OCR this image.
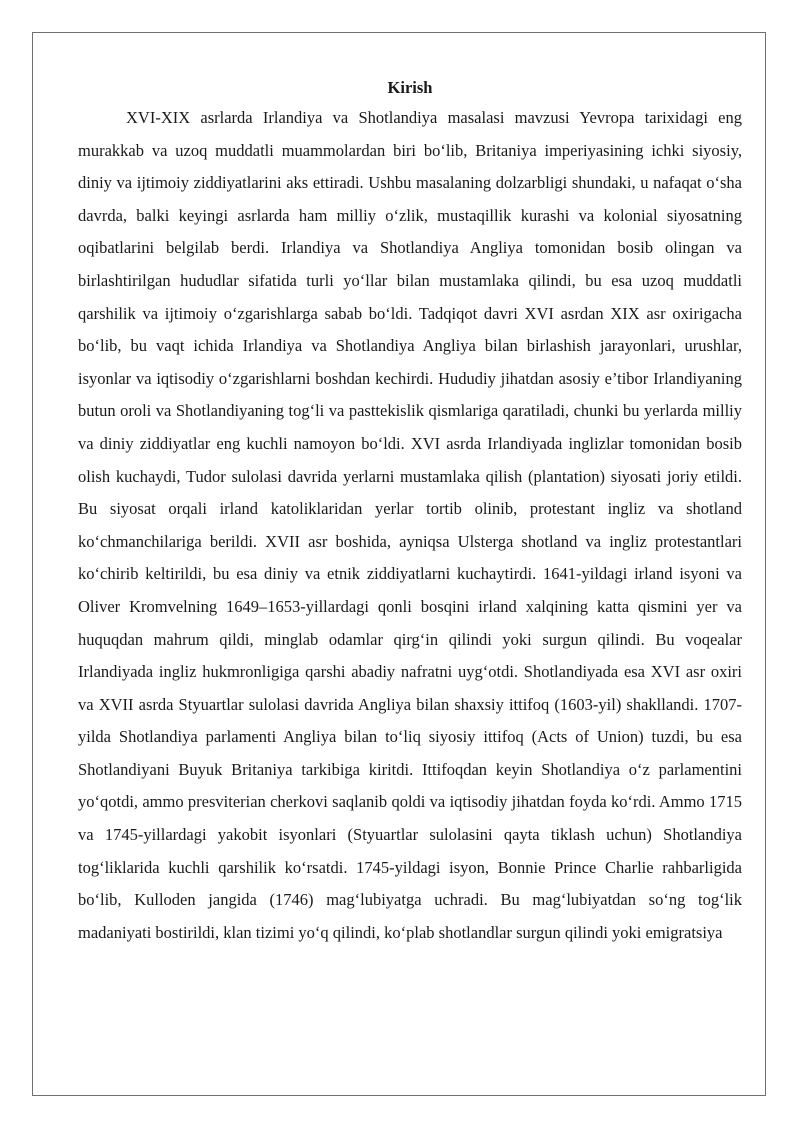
Kirish

XVI-XIX asrlarda Irlandiya va Shotlandiya masalasi mavzusi Yevropa tarixidagi eng murakkab va uzoq muddatli muammolardan biri bo‘lib, Britaniya imperiyasining ichki siyosiy, diniy va ijtimoiy ziddiyatlarini aks ettiradi. Ushbu masalaning dolzarbligi shundaki, u nafaqat o‘sha davrda, balki keyingi asrlarda ham milliy o‘zlik, mustaqillik kurashi va kolonial siyosatning oqibatlarini belgilab berdi. Irlandiya va Shotlandiya Angliya tomonidan bosib olingan va birlashtirilgan hududlar sifatida turli yo‘llar bilan mustamlaka qilindi, bu esa uzoq muddatli qarshilik va ijtimoiy o‘zgarishlarga sabab bo‘ldi. Tadqiqot davri XVI asrdan XIX asr oxirigacha bo‘lib, bu vaqt ichida Irlandiya va Shotlandiya Angliya bilan birlashish jarayonlari, urushlar, isyonlar va iqtisodiy o‘zgarishlarni boshdan kechirdi. Hududiy jihatdan asosiy e’tibor Irlandiyaning butun oroli va Shotlandiyaning tog‘li va pasttekislik qismlariga qaratiladi, chunki bu yerlarda milliy va diniy ziddiyatlar eng kuchli namoyon bo‘ldi. XVI asrda Irlandiyada inglizlar tomonidan bosib olish kuchaydi, Tudor sulolasi davrida yerlarni mustamlaka qilish (plantation) siyosati joriy etildi. Bu siyosat orqali irland katoliklaridan yerlar tortib olinib, protestant ingliz va shotland ko‘chmanchilariga berildi. XVII asr boshida, ayniqsa Ulsterga shotland va ingliz protestantlari ko‘chirib keltirildi, bu esa diniy va etnik ziddiyatlarni kuchaytirdi. 1641-yildagi irland isyoni va Oliver Kromvelning 1649–1653-yillardagi qonli bosqini irland xalqining katta qismini yer va huquqdan mahrum qildi, minglab odamlar qirg‘in qilindi yoki surgun qilindi. Bu voqealar Irlandiyada ingliz hukmronligiga qarshi abadiy nafratni uyg‘otdi. Shotlandiyada esa XVI asr oxiri va XVII asrda Styuartlar sulolasi davrida Angliya bilan shaxsiy ittifoq (1603-yil) shakllandi. 1707-yilda Shotlandiya parlamenti Angliya bilan to‘liq siyosiy ittifoq (Acts of Union) tuzdi, bu esa Shotlandiyani Buyuk Britaniya tarkibiga kiritdi. Ittifoqdan keyin Shotlandiya o‘z parlamentini yo‘qotdi, ammo presviterian cherkovi saqlanib qoldi va iqtisodiy jihatdan foyda ko‘rdi. Ammo 1715 va 1745-yillardagi yakobit isyonlari (Styuartlar sulolasini qayta tiklash uchun) Shotlandiya tog‘liklarida kuchli qarshilik ko‘rsatdi. 1745-yildagi isyon, Bonnie Prince Charlie rahbarligida bo‘lib, Kulloden jangida (1746) mag‘lubiyatga uchradi. Bu mag‘lubiyatdan so‘ng tog‘lik madaniyati bostirildi, klan tizimi yo‘q qilindi, ko‘plab shotlandlar surgun qilindi yoki emigratsiya
